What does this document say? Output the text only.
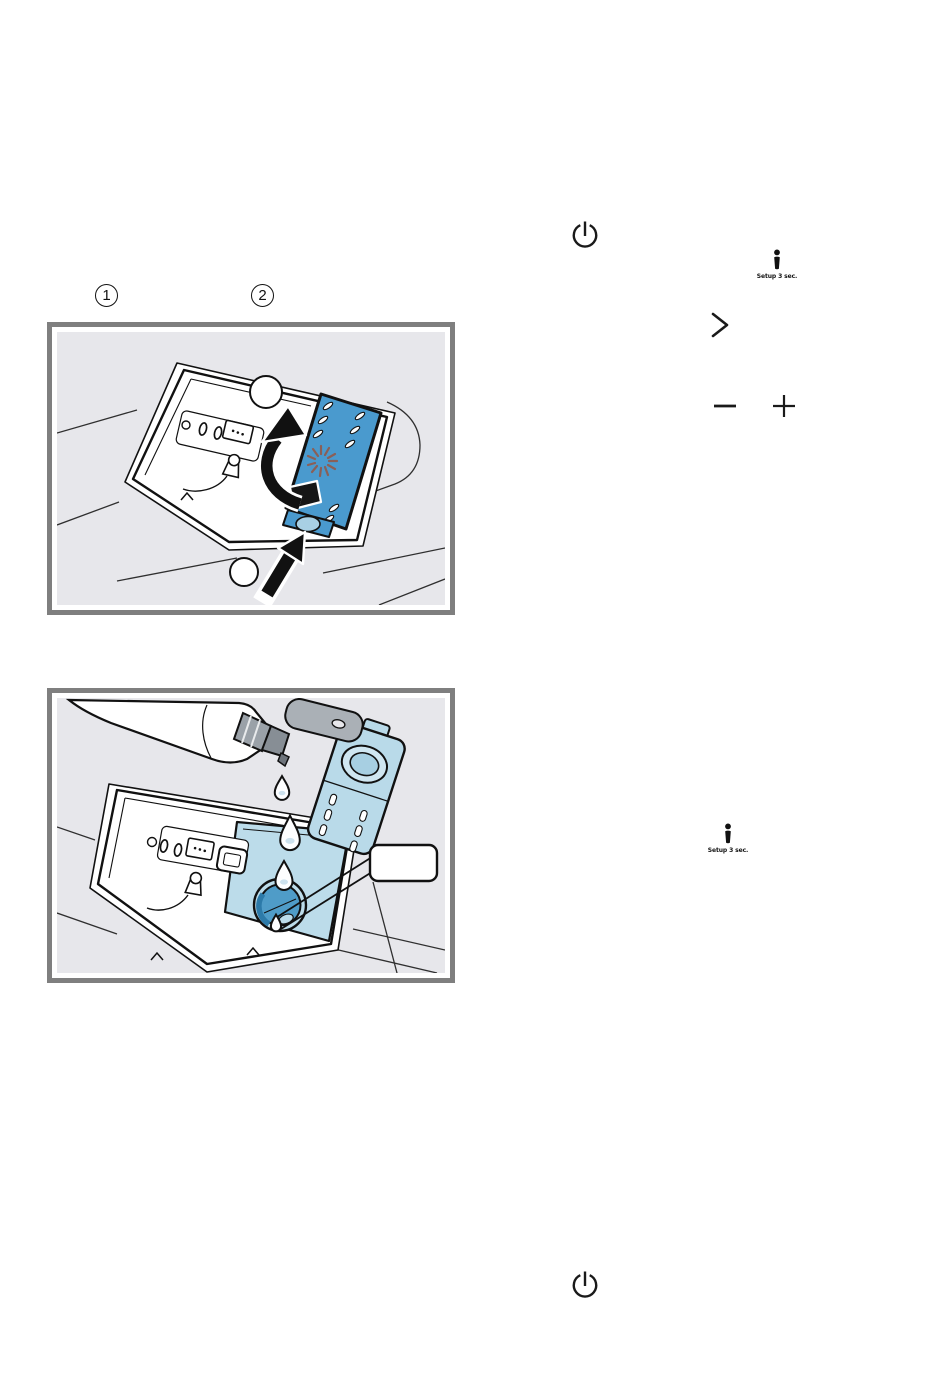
1	2
Setup 3 sec.
Setup 3 sec.
